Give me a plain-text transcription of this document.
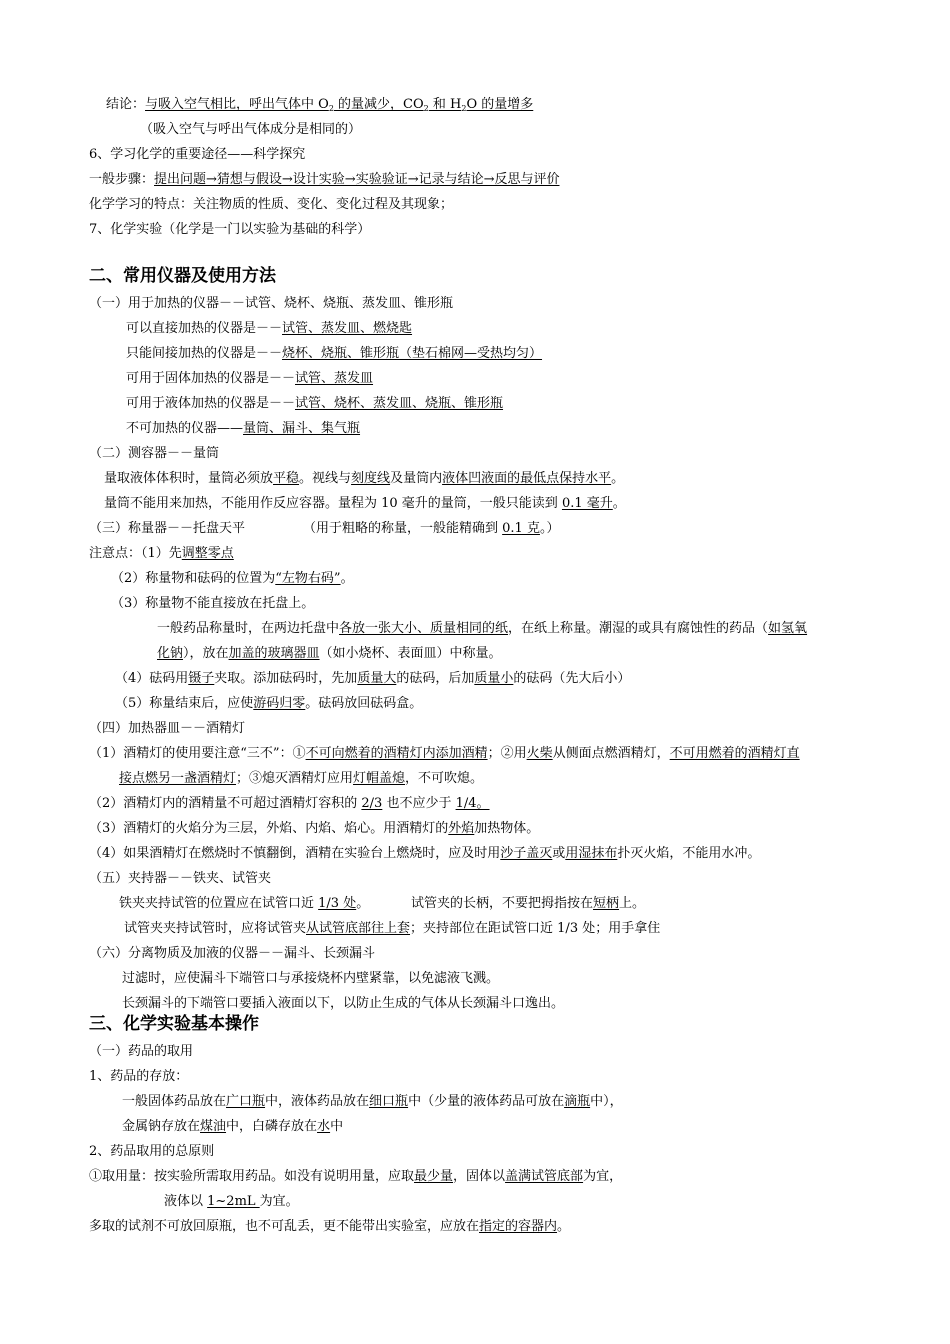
结论：与吸入空气相比，呼出气体中 $O_2$ 的量减少，$CO_2$ 和 $H_2O$ 的量增多
（吸入空气与呼出气体成分是相同的）
6、学习化学的重要途径——科学探究
一般步骤：提出问题→猜想与假设→设计实验→实验验证→记录与结论→反思与评价
化学学习的特点：关注物质的性质、变化、变化过程及其现象；
7、化学实验（化学是一门以实验为基础的科学）
二、常用仪器及使用方法
（一）用于加热的仪器－－试管、烧杯、烧瓶、蒸发皿、锥形瓶
可以直接加热的仪器是－－试管、蒸发皿、燃烧匙
只能间接加热的仪器是－－烧杯、烧瓶、锥形瓶（垫石棉网—受热均匀）
可用于固体加热的仪器是－－试管、蒸发皿
可用于液体加热的仪器是－－试管、烧杯、蒸发皿、烧瓶、锥形瓶
不可加热的仪器——量筒、漏斗、集气瓶
（二）测容器－－量筒
量取液体体积时，量筒必须放平稳。视线与刻度线及量筒内液体凹液面的最低点保持水平。
量筒不能用来加热，不能用作反应容器。量程为 10 毫升的量筒，一般只能读到 0.1 毫升。
（三）称量器－－托盘天平	（用于粗略的称量，一般能精确到 0.1 克。）
注意点：（1）先调整零点
（2）称量物和砝码的位置为“左物右码”。
（3）称量物不能直接放在托盘上。
一般药品称量时，在两边托盘中各放一张大小、质量相同的纸，在纸上称量。潮湿的或具有腐蚀性的药品（如氢氧
化钠），放在加盖的玻璃器皿（如小烧杯、表面皿）中称量。
（4）砝码用镊子夹取。添加砝码时，先加质量大的砝码，后加质量小的砝码（先大后小）
（5）称量结束后，应使游码归零。砝码放回砝码盒。
（四）加热器皿－－酒精灯
（1）酒精灯的使用要注意“三不”：①不可向燃着的酒精灯内添加酒精；②用火柴从侧面点燃酒精灯，不可用燃着的酒精灯直
接点燃另一盏酒精灯；③熄灭酒精灯应用灯帽盖熄，不可吹熄。
（2）酒精灯内的酒精量不可超过酒精灯容积的 2/3 也不应少于 1/4。
（3）酒精灯的火焰分为三层，外焰、内焰、焰心。用酒精灯的外焰加热物体。
（4）如果酒精灯在燃烧时不慎翻倒，酒精在实验台上燃烧时，应及时用沙子盖灭或用湿抹布扑灭火焰，不能用水冲。
（五）夹持器－－铁夹、试管夹
铁夹夹持试管的位置应在试管口近 1/3 处。	试管夹的长柄，不要把拇指按在短柄上。
试管夹夹持试管时，应将试管夹从试管底部往上套；夹持部位在距试管口近 1/3 处；用手拿住
（六）分离物质及加液的仪器－－漏斗、长颈漏斗
过滤时，应使漏斗下端管口与承接烧杯内壁紧靠，以免滤液飞溅。
长颈漏斗的下端管口要插入液面以下，以防止生成的气体从长颈漏斗口逸出。
三、化学实验基本操作
（一）药品的取用
1、药品的存放：
一般固体药品放在广口瓶中，液体药品放在细口瓶中（少量的液体药品可放在滴瓶中），
金属钠存放在煤油中，白磷存放在水中
2、药品取用的总原则
①取用量：按实验所需取用药品。如没有说明用量，应取最少量，固体以盖满试管底部为宜，
液体以 1~2mL 为宜。
多取的试剂不可放回原瓶，也不可乱丢，更不能带出实验室，应放在指定的容器内。
